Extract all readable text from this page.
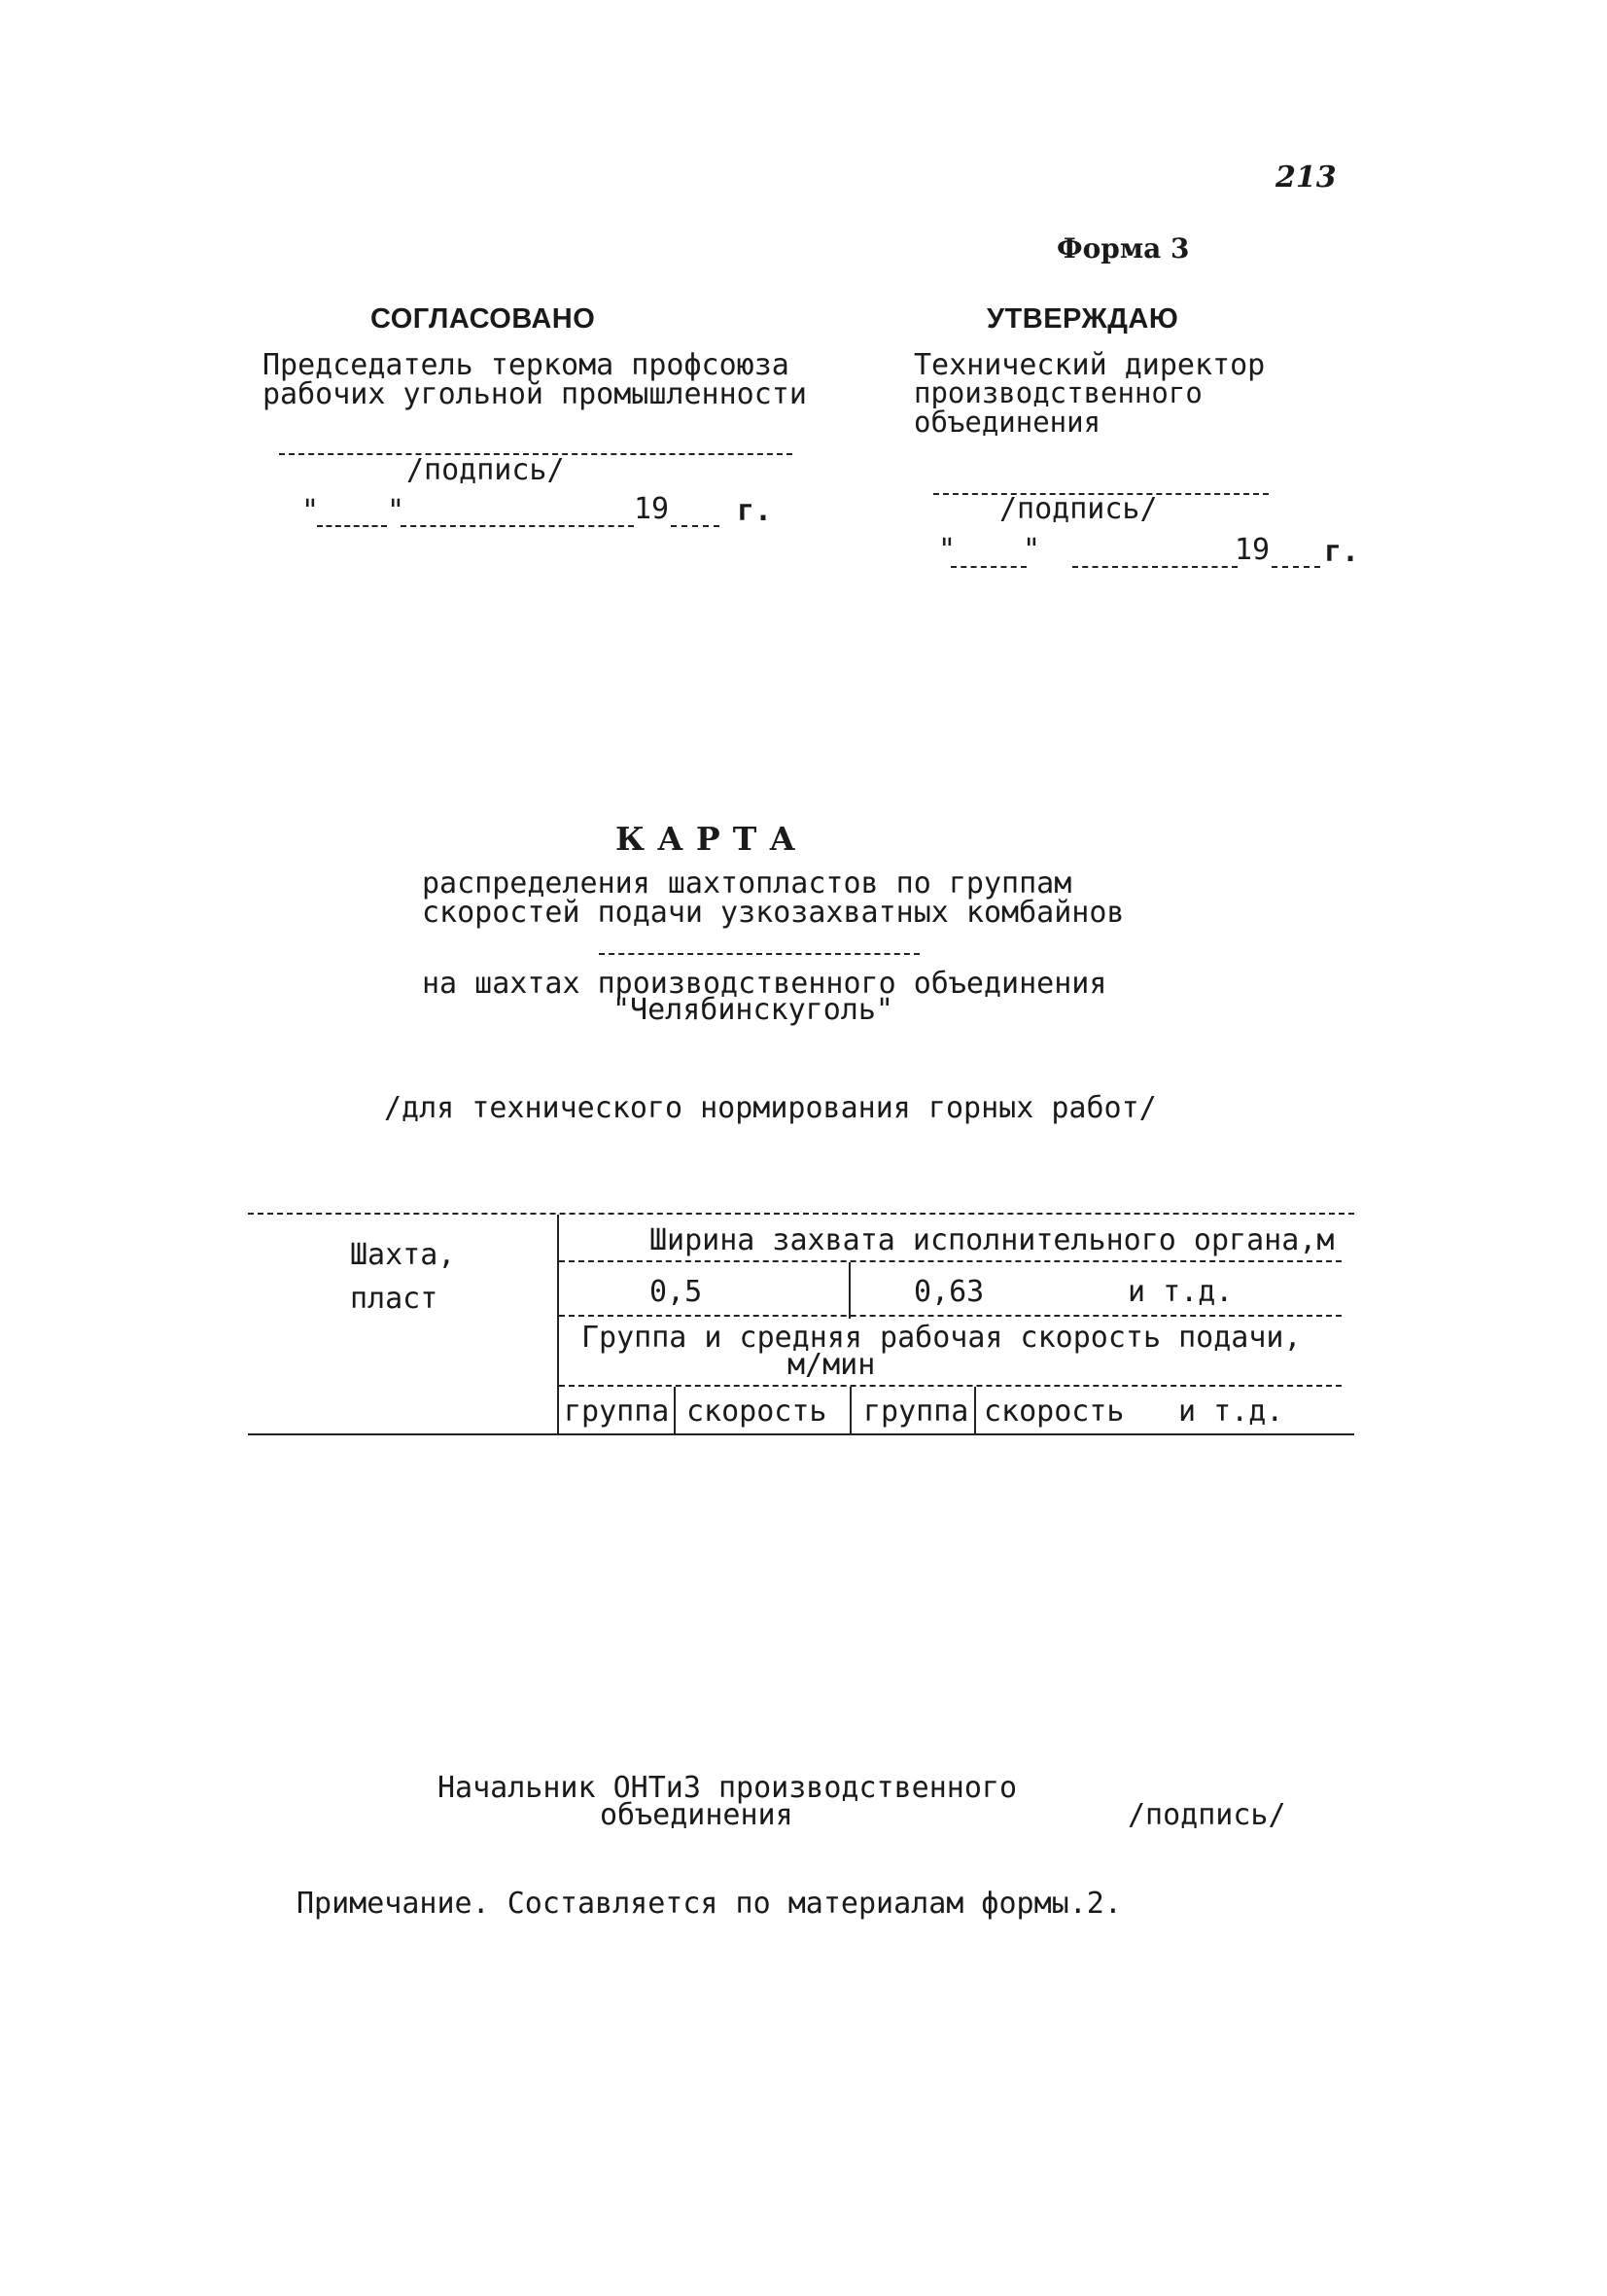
213
Форма 3
СОГЛАСОВАНО
Председатель теркома профсоюза
рабочих угольной промышленности
/подпись/
" "	19 г.
УТВЕРЖДАЮ
Технический директор
производственного
объединения
/подпись/
" "	19 г.
КАРТА
распределения шахтопластов по группам
скоростей подачи узкозахватных комбайнов
на шахтах производственного объединения
"Челябинскуголь"
/для технического нормирования горных работ/
Шахта,
пласт
Ширина захвата исполнительного органа,м
0,5	0,63	и т.д.
Группа и средняя рабочая скорость подачи,
м/мин
группа скорость группа скорость и т.д.
Начальник ОНТиЗ производственного
объединения	/подпись/
Примечание. Составляется по материалам формы.2.
